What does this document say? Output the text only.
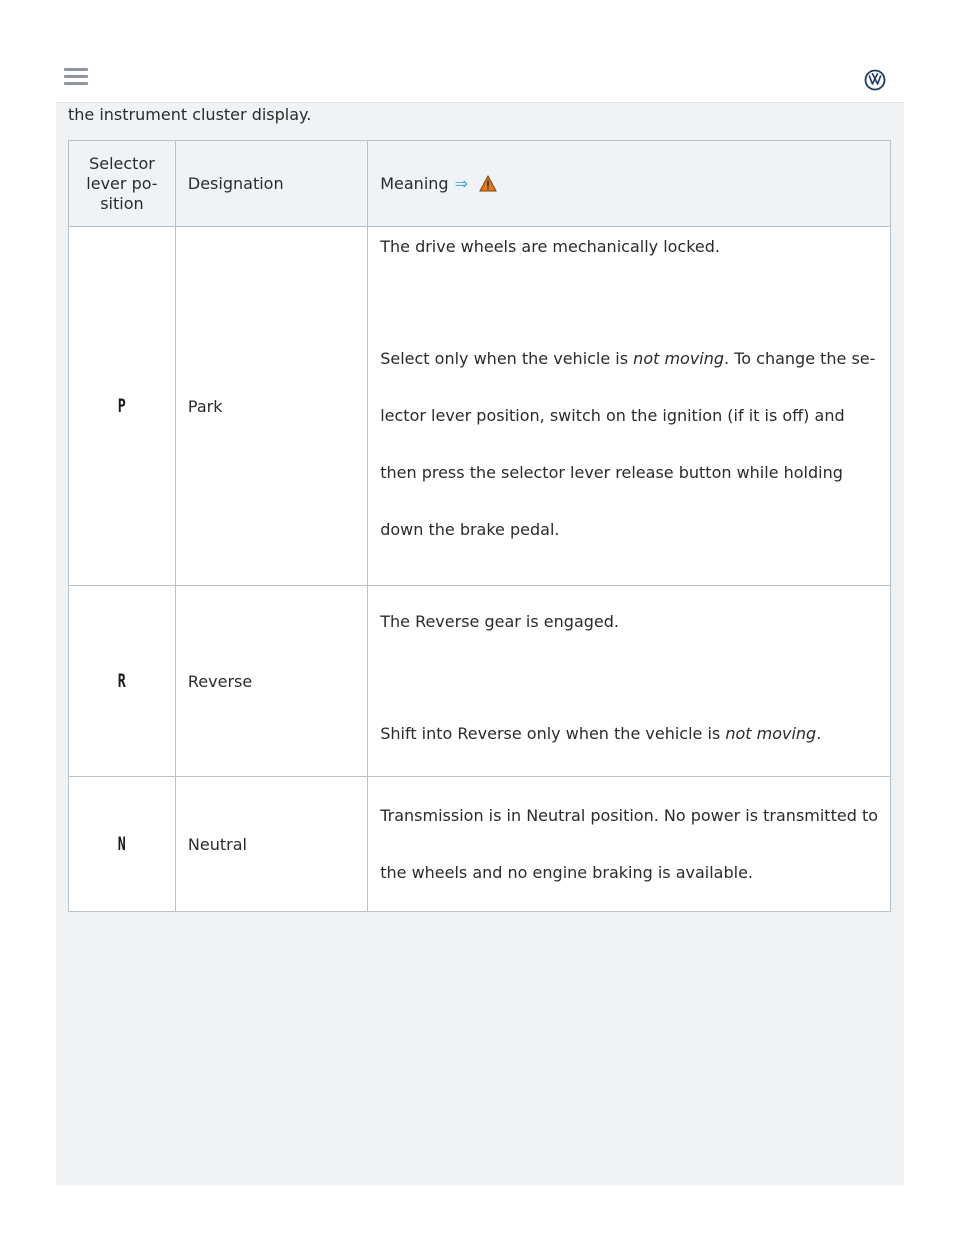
the instrument cluster display.
Selector
lever po-
sition	Designation	Meaning ⇒
P	Park	The drive wheels are mechanically locked.
Select only when the vehicle is not moving. To change the se-
lector lever position, switch on the ignition (if it is off) and
then press the selector lever release button while holding
down the brake pedal.

R	Reverse	The Reverse gear is engaged.
Shift into Reverse only when the vehicle is not moving.

N	Neutral	Transmission is in Neutral position. No power is transmitted to
the wheels and no engine braking is available.
